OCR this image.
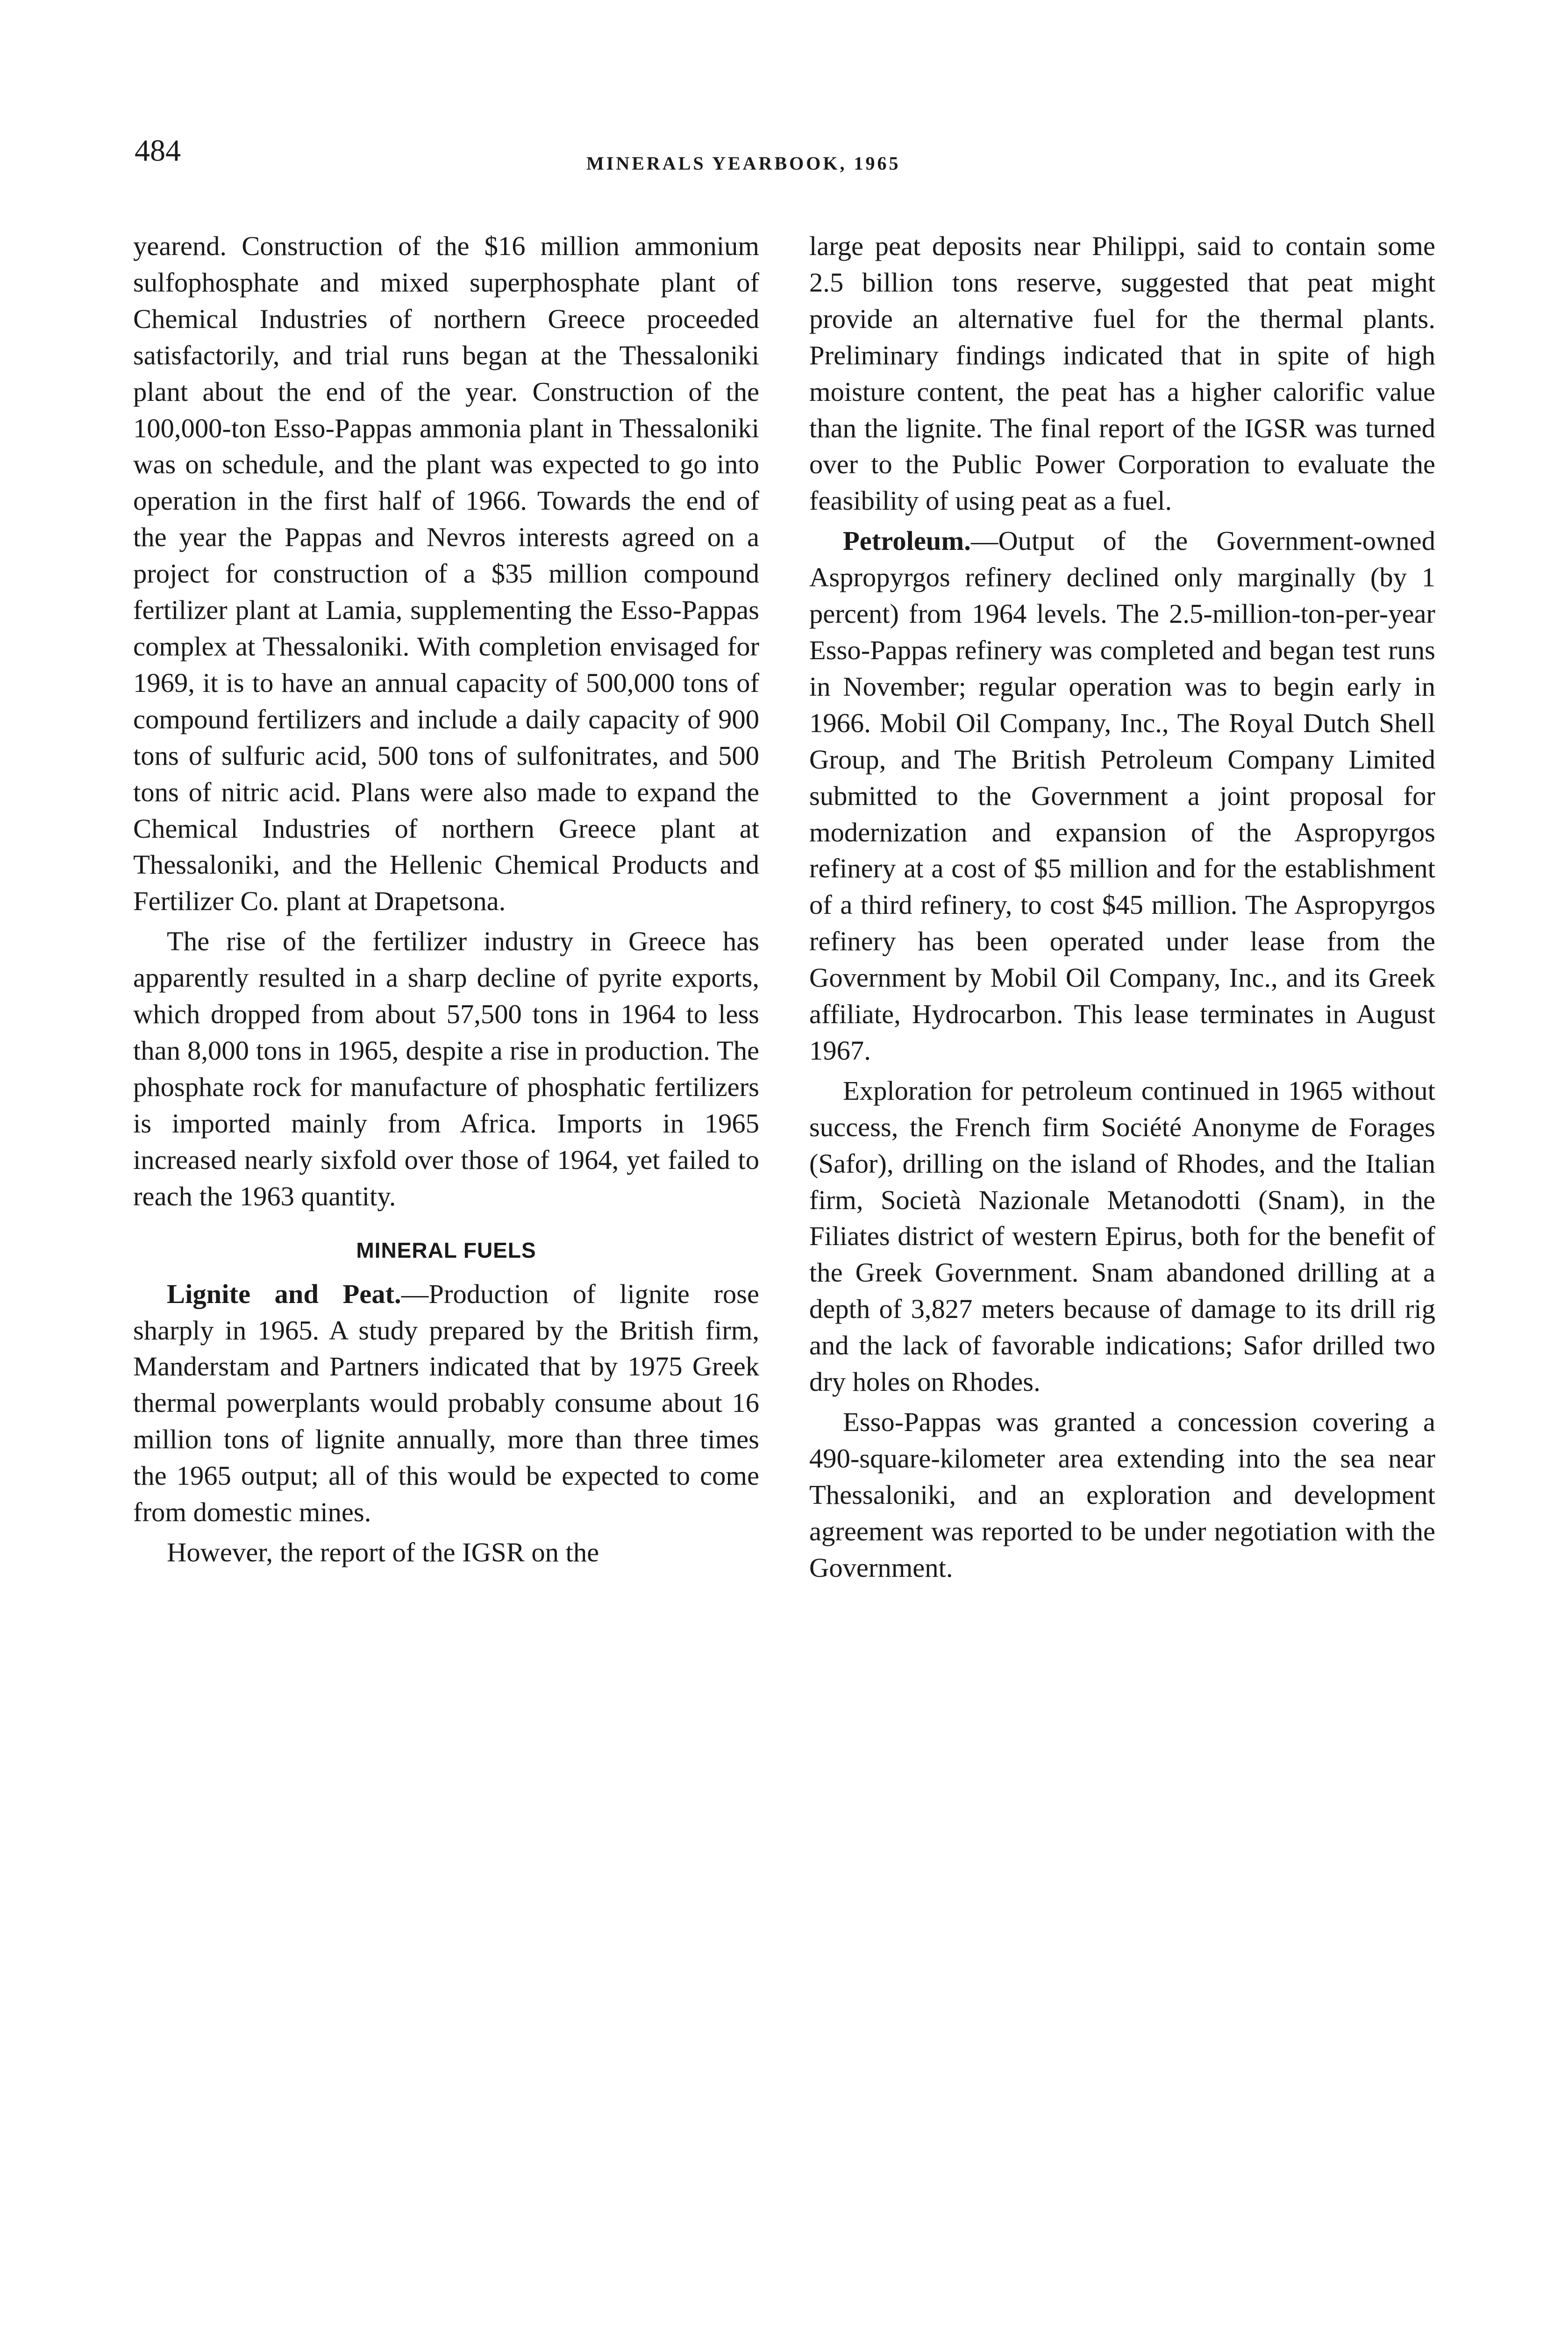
484	MINERALS YEARBOOK, 1965

yearend. Construction of the $16 million ammonium sulfophosphate and mixed superphosphate plant of Chemical Industries of northern Greece proceeded satisfactorily, and trial runs began at the Thessaloniki plant about the end of the year. Construction of the 100,000-ton Esso-Pappas ammonia plant in Thessaloniki was on schedule, and the plant was expected to go into operation in the first half of 1966. Towards the end of the year the Pappas and Nevros interests agreed on a project for construction of a $35 million compound fertilizer plant at Lamia, supplementing the Esso-Pappas complex at Thessaloniki. With completion envisaged for 1969, it is to have an annual capacity of 500,000 tons of compound fertilizers and include a daily capacity of 900 tons of sulfuric acid, 500 tons of sulfonitrates, and 500 tons of nitric acid. Plans were also made to expand the Chemical Industries of northern Greece plant at Thessaloniki, and the Hellenic Chemical Products and Fertilizer Co. plant at Drapetsona.

The rise of the fertilizer industry in Greece has apparently resulted in a sharp decline of pyrite exports, which dropped from about 57,500 tons in 1964 to less than 8,000 tons in 1965, despite a rise in production. The phosphate rock for manufacture of phosphatic fertilizers is imported mainly from Africa. Imports in 1965 increased nearly sixfold over those of 1964, yet failed to reach the 1963 quantity.

MINERAL FUELS

Lignite and Peat.—Production of lignite rose sharply in 1965. A study prepared by the British firm, Manderstam and Partners indicated that by 1975 Greek thermal powerplants would probably consume about 16 million tons of lignite annually, more than three times the 1965 output; all of this would be expected to come from domestic mines.

However, the report of the IGSR on the

large peat deposits near Philippi, said to contain some 2.5 billion tons reserve, suggested that peat might provide an alternative fuel for the thermal plants. Preliminary findings indicated that in spite of high moisture content, the peat has a higher calorific value than the lignite. The final report of the IGSR was turned over to the Public Power Corporation to evaluate the feasibility of using peat as a fuel.

Petroleum.—Output of the Government-owned Aspropyrgos refinery declined only marginally (by 1 percent) from 1964 levels. The 2.5-million-ton-per-year Esso-Pappas refinery was completed and began test runs in November; regular operation was to begin early in 1966. Mobil Oil Company, Inc., The Royal Dutch Shell Group, and The British Petroleum Company Limited submitted to the Government a joint proposal for modernization and expansion of the Aspropyrgos refinery at a cost of $5 million and for the establishment of a third refinery, to cost $45 million. The Aspropyrgos refinery has been operated under lease from the Government by Mobil Oil Company, Inc., and its Greek affiliate, Hydrocarbon. This lease terminates in August 1967.

Exploration for petroleum continued in 1965 without success, the French firm Société Anonyme de Forages (Safor), drilling on the island of Rhodes, and the Italian firm, Società Nazionale Metanodotti (Snam), in the Filiates district of western Epirus, both for the benefit of the Greek Government. Snam abandoned drilling at a depth of 3,827 meters because of damage to its drill rig and the lack of favorable indications; Safor drilled two dry holes on Rhodes.

Esso-Pappas was granted a concession covering a 490-square-kilometer area extending into the sea near Thessaloniki, and an exploration and development agreement was reported to be under negotiation with the Government.
